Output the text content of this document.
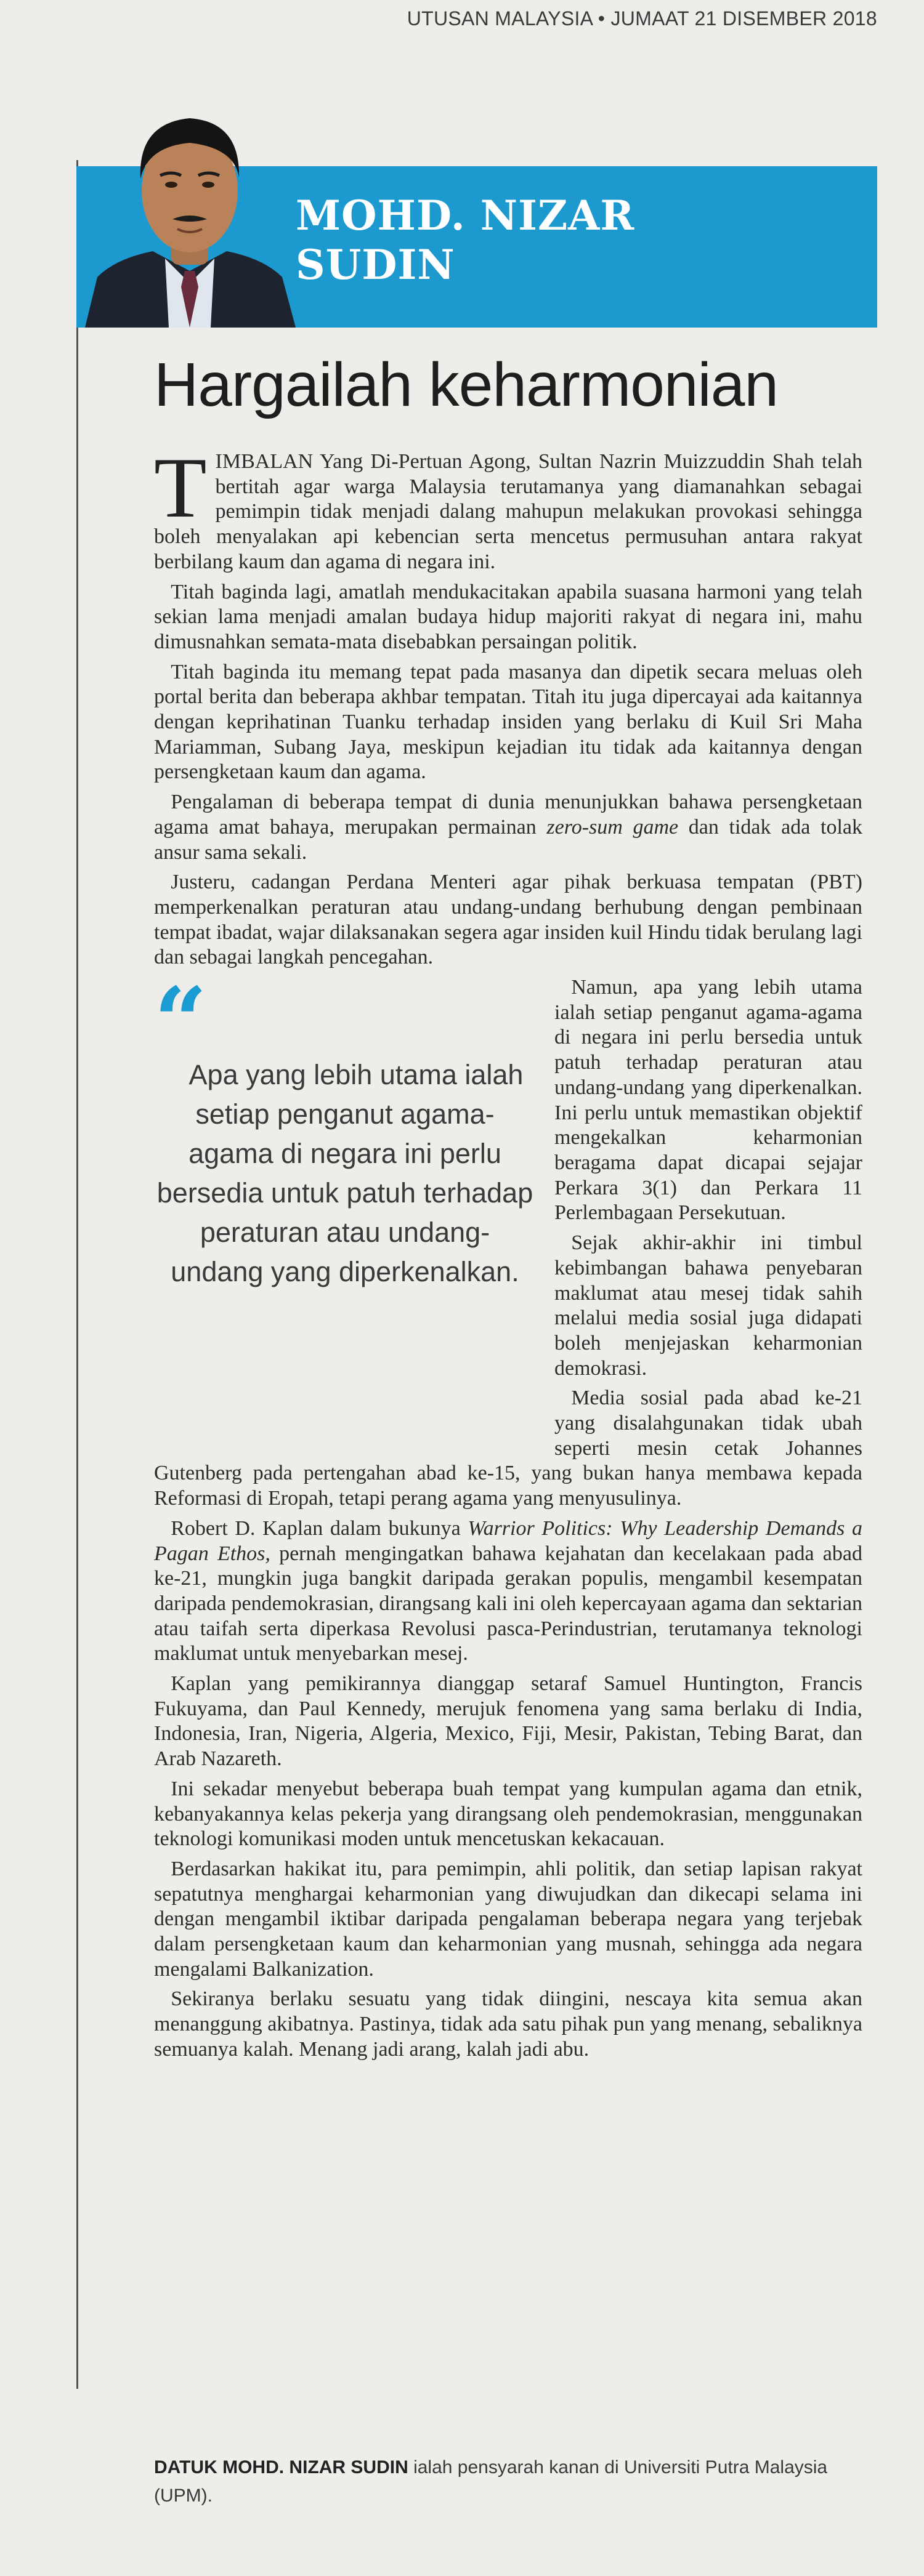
UTUSAN MALAYSIA • JUMAAT 21 DISEMBER 2018
MOHD. NIZAR
SUDIN
Hargailah keharmonian

TIMBALAN Yang Di-Pertuan Agong, Sultan Nazrin Muizzuddin Shah telah bertitah agar warga Malaysia terutamanya yang diamanahkan sebagai pemimpin tidak menjadi dalang mahupun melakukan provokasi sehingga boleh menyalakan api kebencian serta mencetus permusuhan antara rakyat berbilang kaum dan agama di negara ini.

Titah baginda lagi, amatlah mendukacitakan apabila suasana harmoni yang telah sekian lama menjadi amalan budaya hidup majoriti rakyat di negara ini, mahu dimusnahkan semata-mata disebabkan persaingan politik.

Titah baginda itu memang tepat pada masanya dan dipetik secara meluas oleh portal berita dan beberapa akhbar tempatan. Titah itu juga dipercayai ada kaitannya dengan keprihatinan Tuanku terhadap insiden yang berlaku di Kuil Sri Maha Mariamman, Subang Jaya, meskipun kejadian itu tidak ada kaitannya dengan persengketaan kaum dan agama.

Pengalaman di beberapa tempat di dunia menunjukkan bahawa persengketaan agama amat bahaya, merupakan permainan zero-sum game dan tidak ada tolak ansur sama sekali.

Justeru, cadangan Perdana Menteri agar pihak berkuasa tempatan (PBT) memperkenalkan peraturan atau undang-undang berhubung dengan pembinaan tempat ibadat, wajar dilaksanakan segera agar insiden kuil Hindu tidak berulang lagi dan sebagai langkah pencegahan.

“

Apa yang lebih utama ialah setiap penganut agama-agama di negara ini perlu bersedia untuk patuh terhadap peraturan atau undang-undang yang diperkenalkan.

Namun, apa yang lebih utama ialah setiap penganut agama-agama di negara ini perlu bersedia untuk patuh terhadap peraturan atau undang-undang yang diperkenalkan. Ini perlu untuk memastikan objektif mengekalkan keharmonian beragama dapat dicapai sejajar Perkara 3(1) dan Perkara 11 Perlembagaan Persekutuan.

Sejak akhir-akhir ini timbul kebimbangan bahawa penyebaran maklumat atau mesej tidak sahih melalui media sosial juga didapati boleh menjejaskan keharmonian demokrasi.

Media sosial pada abad ke-21 yang disalahgunakan tidak ubah seperti mesin cetak Johannes Gutenberg pada pertengahan abad ke-15, yang bukan hanya membawa kepada Reformasi di Eropah, tetapi perang agama yang menyusulinya.

Robert D. Kaplan dalam bukunya Warrior Politics: Why Leadership Demands a Pagan Ethos, pernah mengingatkan bahawa kejahatan dan kecelakaan pada abad ke-21, mungkin juga bangkit daripada gerakan populis, mengambil kesempatan daripada pendemokrasian, dirangsang kali ini oleh kepercayaan agama dan sektarian atau taifah serta diperkasa Revolusi pasca-Perindustrian, terutamanya teknologi maklumat untuk menyebarkan mesej.

Kaplan yang pemikirannya dianggap setaraf Samuel Huntington, Francis Fukuyama, dan Paul Kennedy, merujuk fenomena yang sama berlaku di India, Indonesia, Iran, Nigeria, Algeria, Mexico, Fiji, Mesir, Pakistan, Tebing Barat, dan Arab Nazareth.

Ini sekadar menyebut beberapa buah tempat yang kumpulan agama dan etnik, kebanyakannya kelas pekerja yang dirangsang oleh pendemokrasian, menggunakan teknologi komunikasi moden untuk mencetuskan kekacauan.

Berdasarkan hakikat itu, para pemimpin, ahli politik, dan setiap lapisan rakyat sepatutnya menghargai keharmonian yang diwujudkan dan dikecapi selama ini dengan mengambil iktibar daripada pengalaman beberapa negara yang terjebak dalam persengketaan kaum dan keharmonian yang musnah, sehingga ada negara mengalami Balkanization.

Sekiranya berlaku sesuatu yang tidak diingini, nescaya kita semua akan menanggung akibatnya. Pastinya, tidak ada satu pihak pun yang menang, sebaliknya semuanya kalah. Menang jadi arang, kalah jadi abu.

DATUK MOHD. NIZAR SUDIN ialah pensyarah kanan di Universiti Putra Malaysia (UPM).
